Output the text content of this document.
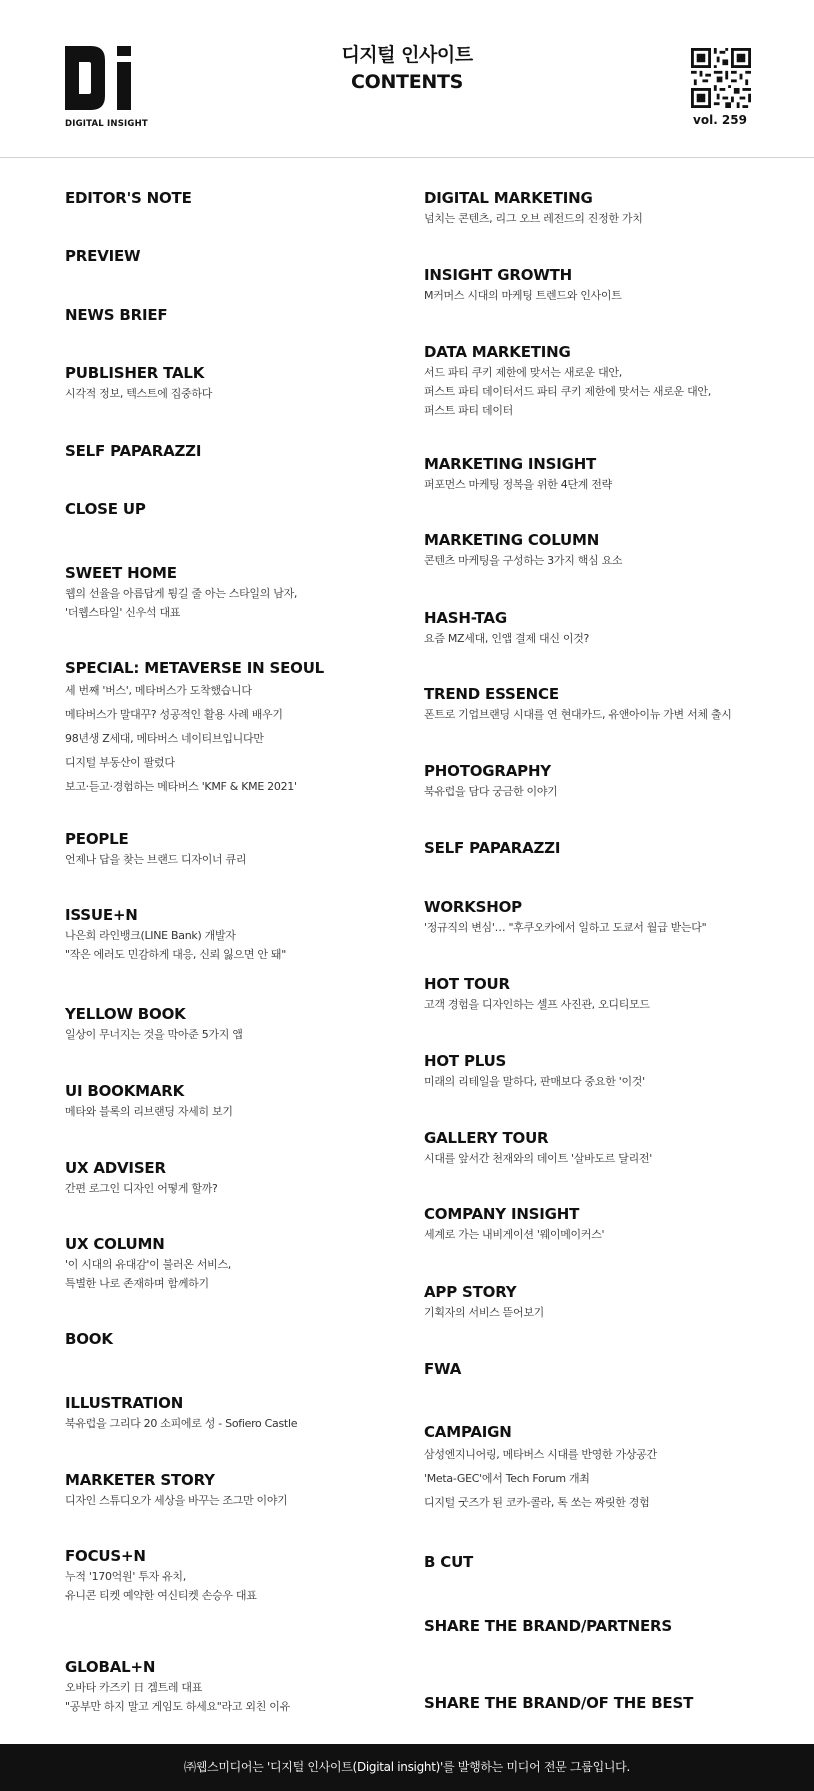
DIGITAL INSIGHT
디지털 인사이트
CONTENTS
vol. 259
EDITOR'S NOTE
PREVIEW
NEWS BRIEF
PUBLISHER TALK
시각적 정보, 텍스트에 집중하다
SELF PAPARAZZI
CLOSE UP
SWEET HOME
웹의 선율을 아름답게 튕길 줄 아는 스타일의 남자,
'더웹스타일' 신우석 대표
SPECIAL: METAVERSE IN SEOUL
세 번째 '버스', 메타버스가 도착했습니다
메타버스가 말대꾸? 성공적인 활용 사례 배우기
98년생 Z세대, 메타버스 네이티브입니다만
디지털 부동산이 팔렸다
보고·듣고·경험하는 메타버스 'KMF & KME 2021'
PEOPLE
언제나 답을 찾는 브랜드 디자이너 큐리
ISSUE+N
나은희 라인뱅크(LINE Bank) 개발자
"작은 에러도 민감하게 대응, 신뢰 잃으면 안 돼"
YELLOW BOOK
일상이 무너지는 것을 막아준 5가지 앱
UI BOOKMARK
메타와 블록의 리브랜딩 자세히 보기
UX ADVISER
간편 로그인 디자인 어떻게 할까?
UX COLUMN
'이 시대의 유대감'이 불러온 서비스,
특별한 나로 존재하며 함께하기
BOOK
ILLUSTRATION
북유럽을 그리다 20 소피에로 성 - Sofiero Castle
MARKETER STORY
디자인 스튜디오가 세상을 바꾸는 조그만 이야기
FOCUS+N
누적 '170억원' 투자 유치,
유니콘 티켓 예약한 여신티켓 손승우 대표
GLOBAL+N
오바타 카즈키 日 겜트레 대표
"공부만 하지 말고 게임도 하세요"라고 외친 이유
DIGITAL MARKETING
넘치는 콘텐츠, 리그 오브 레전드의 진정한 가치
INSIGHT GROWTH
M커머스 시대의 마케팅 트렌드와 인사이트
DATA MARKETING
서드 파티 쿠키 제한에 맞서는 새로운 대안,
퍼스트 파티 데이터서드 파티 쿠키 제한에 맞서는 새로운 대안,
퍼스트 파티 데이터
MARKETING INSIGHT
퍼포먼스 마케팅 정복을 위한 4단계 전략
MARKETING COLUMN
콘텐츠 마케팅을 구성하는 3가지 핵심 요소
HASH-TAG
요즘 MZ세대, 인앱 결제 대신 이것?
TREND ESSENCE
폰트로 기업브랜딩 시대를 연 현대카드, 유앤아이뉴 가변 서체 출시
PHOTOGRAPHY
북유럽을 담다 궁금한 이야기
SELF PAPARAZZI
WORKSHOP
'정규직의 변심'… "후쿠오카에서 일하고 도쿄서 월급 받는다"
HOT TOUR
고객 경험을 디자인하는 셀프 사진관, 오디티모드
HOT PLUS
미래의 리테일을 말하다, 판매보다 중요한 '이것'
GALLERY TOUR
시대를 앞서간 천재와의 데이트 '살바도르 달리전'
COMPANY INSIGHT
세계로 가는 내비게이션 '웨이메이커스'
APP STORY
기획자의 서비스 뜯어보기
FWA
CAMPAIGN
삼성엔지니어링, 메타버스 시대를 반영한 가상공간
'Meta-GEC'에서 Tech Forum 개최
디지털 굿즈가 된 코카-콜라, 톡 쏘는 짜릿한 경험
B CUT
SHARE THE BRAND/PARTNERS
SHARE THE BRAND/OF THE BEST
㈜웹스미디어는 '디지털 인사이트(Digital insight)'를 발행하는 미디어 전문 그룹입니다.
